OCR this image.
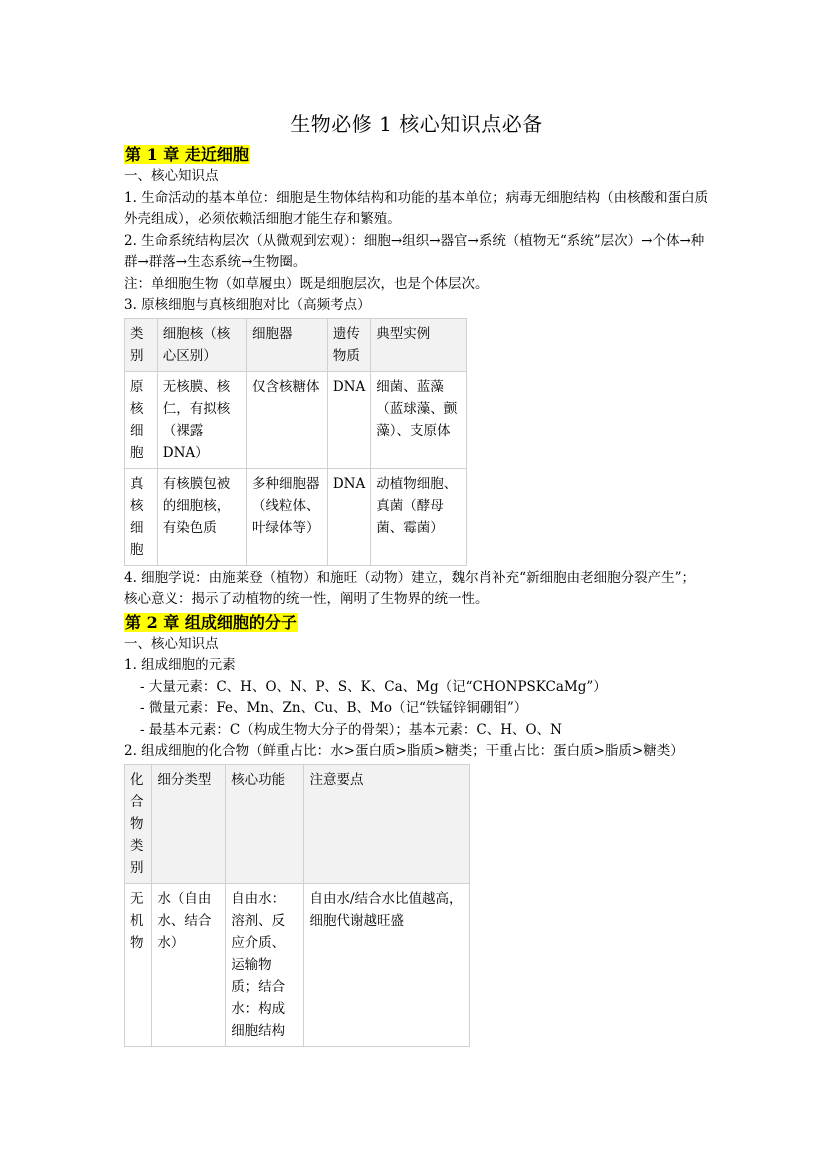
生物必修 1 核心知识点必备
第 1 章 走近细胞

一、核心知识点

1. 生命活动的基本单位：细胞是生物体结构和功能的基本单位；病毒无细胞结构（由核酸和蛋白质外壳组成），必须依赖活细胞才能生存和繁殖。

2. 生命系统结构层次（从微观到宏观）：细胞→组织→器官→系统（植物无“系统”层次）→个体→种群→群落→生态系统→生物圈。

注：单细胞生物（如草履虫）既是细胞层次，也是个体层次。

3. 原核细胞与真核细胞对比（高频考点）

类别	细胞核（核心区别）	细胞器	遗传物质	典型实例
原核细胞	无核膜、核仁，有拟核（裸露 DNA）	仅含核糖体	DNA	细菌、蓝藻（蓝球藻、颤藻）、支原体
真核细胞	有核膜包被的细胞核，有染色质	多种细胞器（线粒体、叶绿体等）	DNA	动植物细胞、真菌（酵母菌、霉菌）

4. 细胞学说：由施莱登（植物）和施旺（动物）建立，魏尔肖补充“新细胞由老细胞分裂产生”；

核心意义：揭示了动植物的统一性，阐明了生物界的统一性。

第 2 章 组成细胞的分子

一、核心知识点

1. 组成细胞的元素

- 大量元素：C、H、O、N、P、S、K、Ca、Mg（记“CHONPSKCaMg”）

- 微量元素：Fe、Mn、Zn、Cu、B、Mo（记“铁锰锌铜硼钼”）

- 最基本元素：C（构成生物大分子的骨架）；基本元素：C、H、O、N

2. 组成细胞的化合物（鲜重占比：水>蛋白质>脂质>糖类；干重占比：蛋白质>脂质>糖类）

化合物类别	细分类型	核心功能	注意要点
无机物	水（自由水、结合水）	自由水：溶剂、反应介质、运输物质；结合水：构成细胞结构	自由水/结合水比值越高，细胞代谢越旺盛
